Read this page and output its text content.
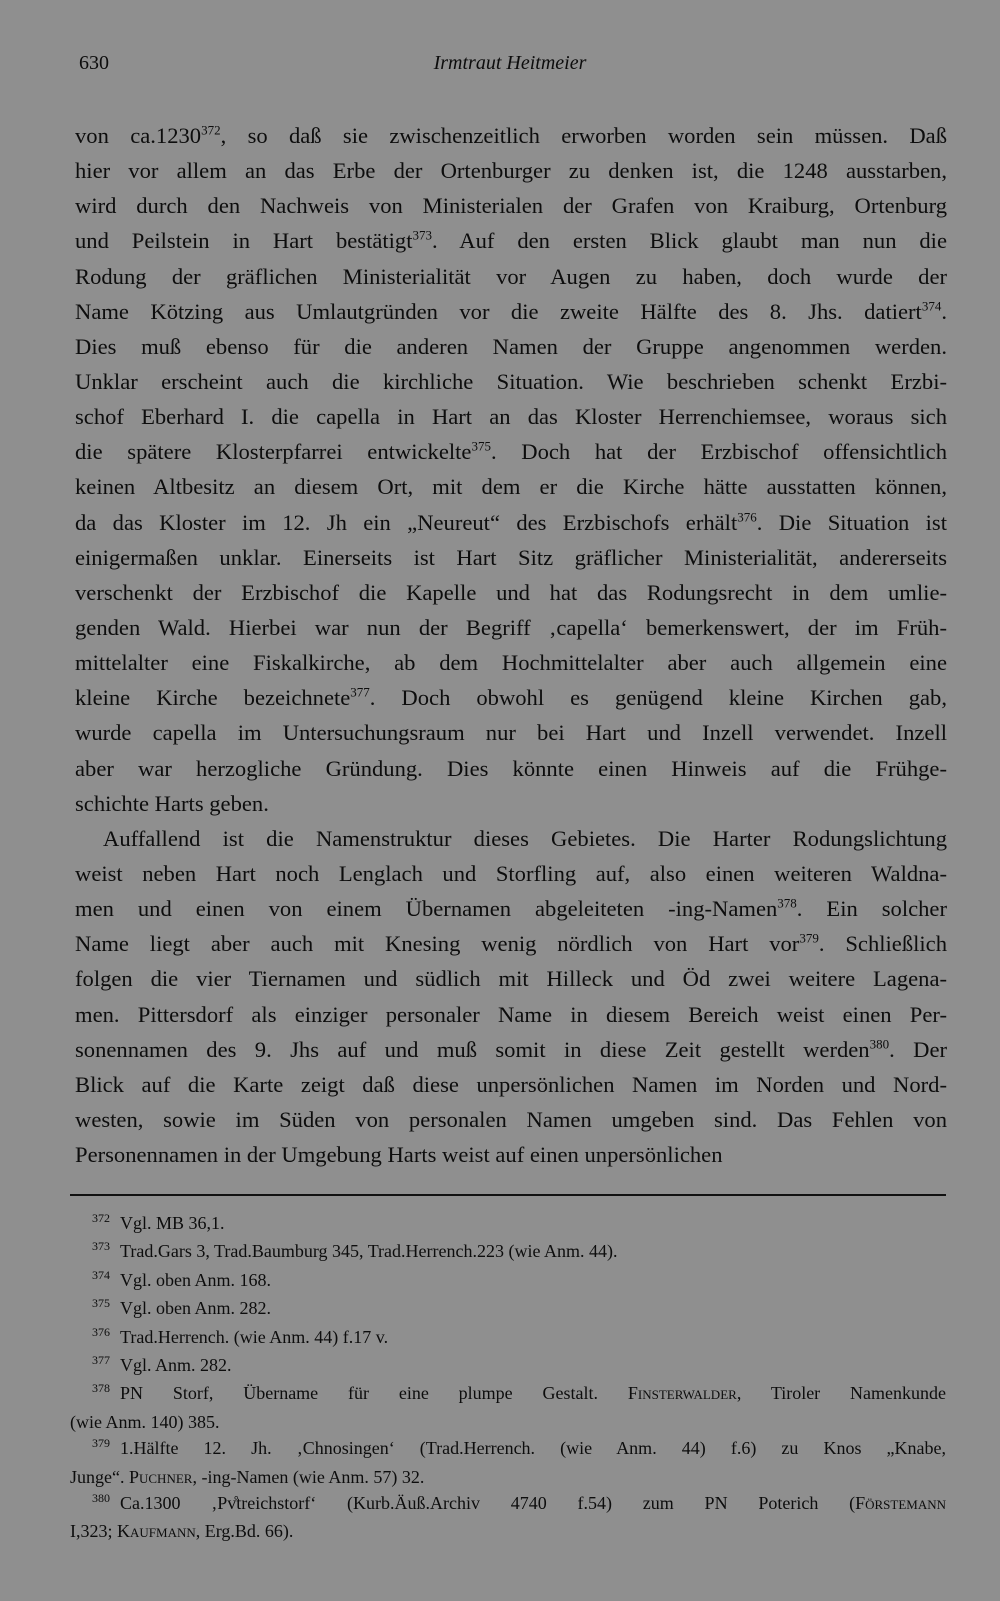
630	Irmtraut Heitmeier
von ca.1230$^{372}$, so daß sie zwischenzeitlich erworben worden sein müssen. Daß
hier vor allem an das Erbe der Ortenburger zu denken ist, die 1248 ausstarben,
wird durch den Nachweis von Ministerialen der Grafen von Kraiburg, Ortenburg
und Peilstein in Hart bestätigt$^{373}$. Auf den ersten Blick glaubt man nun die
Rodung der gräflichen Ministerialität vor Augen zu haben, doch wurde der
Name Kötzing aus Umlautgründen vor die zweite Hälfte des 8. Jhs. datiert$^{374}$.
Dies muß ebenso für die anderen Namen der Gruppe angenommen werden.
Unklar erscheint auch die kirchliche Situation. Wie beschrieben schenkt Erzbi-
schof Eberhard I. die capella in Hart an das Kloster Herrenchiemsee, woraus sich
die spätere Klosterpfarrei entwickelte$^{375}$. Doch hat der Erzbischof offensichtlich
keinen Altbesitz an diesem Ort, mit dem er die Kirche hätte ausstatten können,
da das Kloster im 12. Jh ein „Neureut“ des Erzbischofs erhält$^{376}$. Die Situation ist
einigermaßen unklar. Einerseits ist Hart Sitz gräflicher Ministerialität, andererseits
verschenkt der Erzbischof die Kapelle und hat das Rodungsrecht in dem umlie-
genden Wald. Hierbei war nun der Begriff ‚capella‘ bemerkenswert, der im Früh-
mittelalter eine Fiskalkirche, ab dem Hochmittelalter aber auch allgemein eine
kleine Kirche bezeichnete$^{377}$. Doch obwohl es genügend kleine Kirchen gab,
wurde capella im Untersuchungsraum nur bei Hart und Inzell verwendet. Inzell
aber war herzogliche Gründung. Dies könnte einen Hinweis auf die Frühge-
schichte Harts geben.
Auffallend ist die Namenstruktur dieses Gebietes. Die Harter Rodungslichtung
weist neben Hart noch Lenglach und Storfling auf, also einen weiteren Waldna-
men und einen von einem Übernamen abgeleiteten -ing-Namen$^{378}$. Ein solcher
Name liegt aber auch mit Knesing wenig nördlich von Hart vor$^{379}$. Schließlich
folgen die vier Tiernamen und südlich mit Hilleck und Öd zwei weitere Lagena-
men. Pittersdorf als einziger personaler Name in diesem Bereich weist einen Per-
sonennamen des 9. Jhs auf und muß somit in diese Zeit gestellt werden$^{380}$. Der
Blick auf die Karte zeigt daß diese unpersönlichen Namen im Norden und Nord-
westen, sowie im Süden von personalen Namen umgeben sind. Das Fehlen von
Personennamen in der Umgebung Harts weist auf einen unpersönlichen
$^{372}$ Vgl. MB 36,1.
$^{373}$ Trad.Gars 3, Trad.Baumburg 345, Trad.Herrench.223 (wie Anm. 44).
$^{374}$ Vgl. oben Anm. 168.
$^{375}$ Vgl. oben Anm. 282.
$^{376}$ Trad.Herrench. (wie Anm. 44) f.17 v.
$^{377}$ Vgl. Anm. 282.
$^{378}$ PN Storf, Übername für eine plumpe Gestalt. Finsterwalder, Tiroler Namenkunde
(wie Anm. 140) 385.
$^{379}$ 1.Hälfte 12. Jh. ‚Chnosingen‘ (Trad.Herrench. (wie Anm. 44) f.6) zu Knos „Knabe,
Junge“. Puchner, -ing-Namen (wie Anm. 57) 32.
$^{380}$ Ca.1300 ‚Pv̊treichstorf‘ (Kurb.Äuß.Archiv 4740 f.54) zum PN Poterich (Förstemann
I,323; Kaufmann, Erg.Bd. 66).
